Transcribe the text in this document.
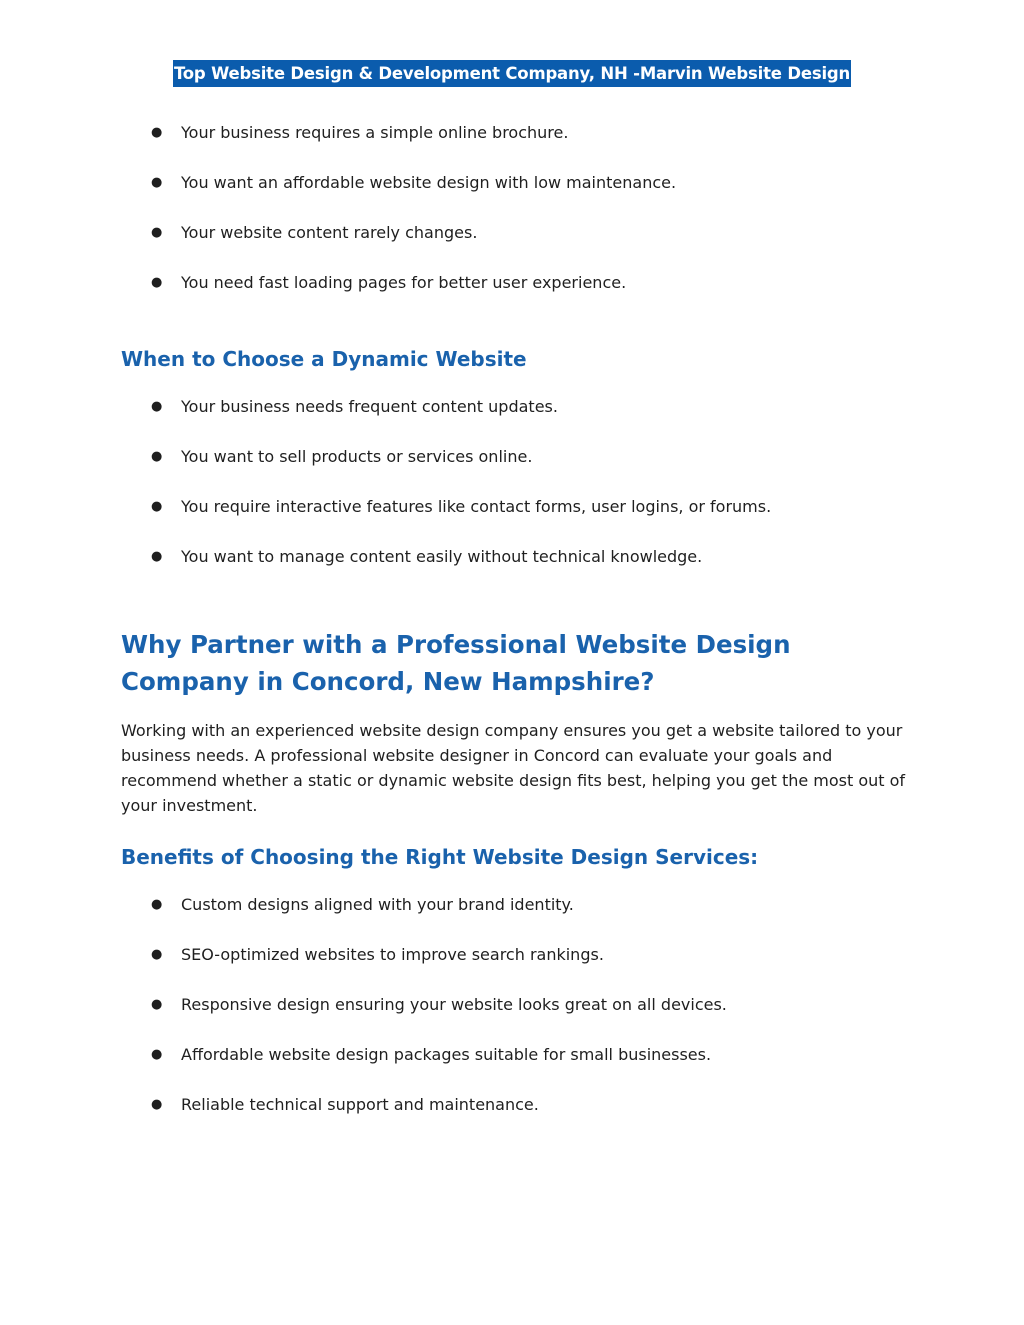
Top Website Design & Development Company, NH -Marvin Website Design
● Your business requires a simple online brochure.
● You want an affordable website design with low maintenance.
● Your website content rarely changes.
● You need fast loading pages for better user experience.
When to Choose a Dynamic Website
● Your business needs frequent content updates.
● You want to sell products or services online.
● You require interactive features like contact forms, user logins, or forums.
● You want to manage content easily without technical knowledge.
Why Partner with a Professional Website Design Company in Concord, New Hampshire?

Working with an experienced website design company ensures you get a website tailored to your business needs. A professional website designer in Concord can evaluate your goals and recommend whether a static or dynamic website design fits best, helping you get the most out of your investment.

Benefits of Choosing the Right Website Design Services:
● Custom designs aligned with your brand identity.
● SEO-optimized websites to improve search rankings.
● Responsive design ensuring your website looks great on all devices.
● Affordable website design packages suitable for small businesses.
● Reliable technical support and maintenance.
